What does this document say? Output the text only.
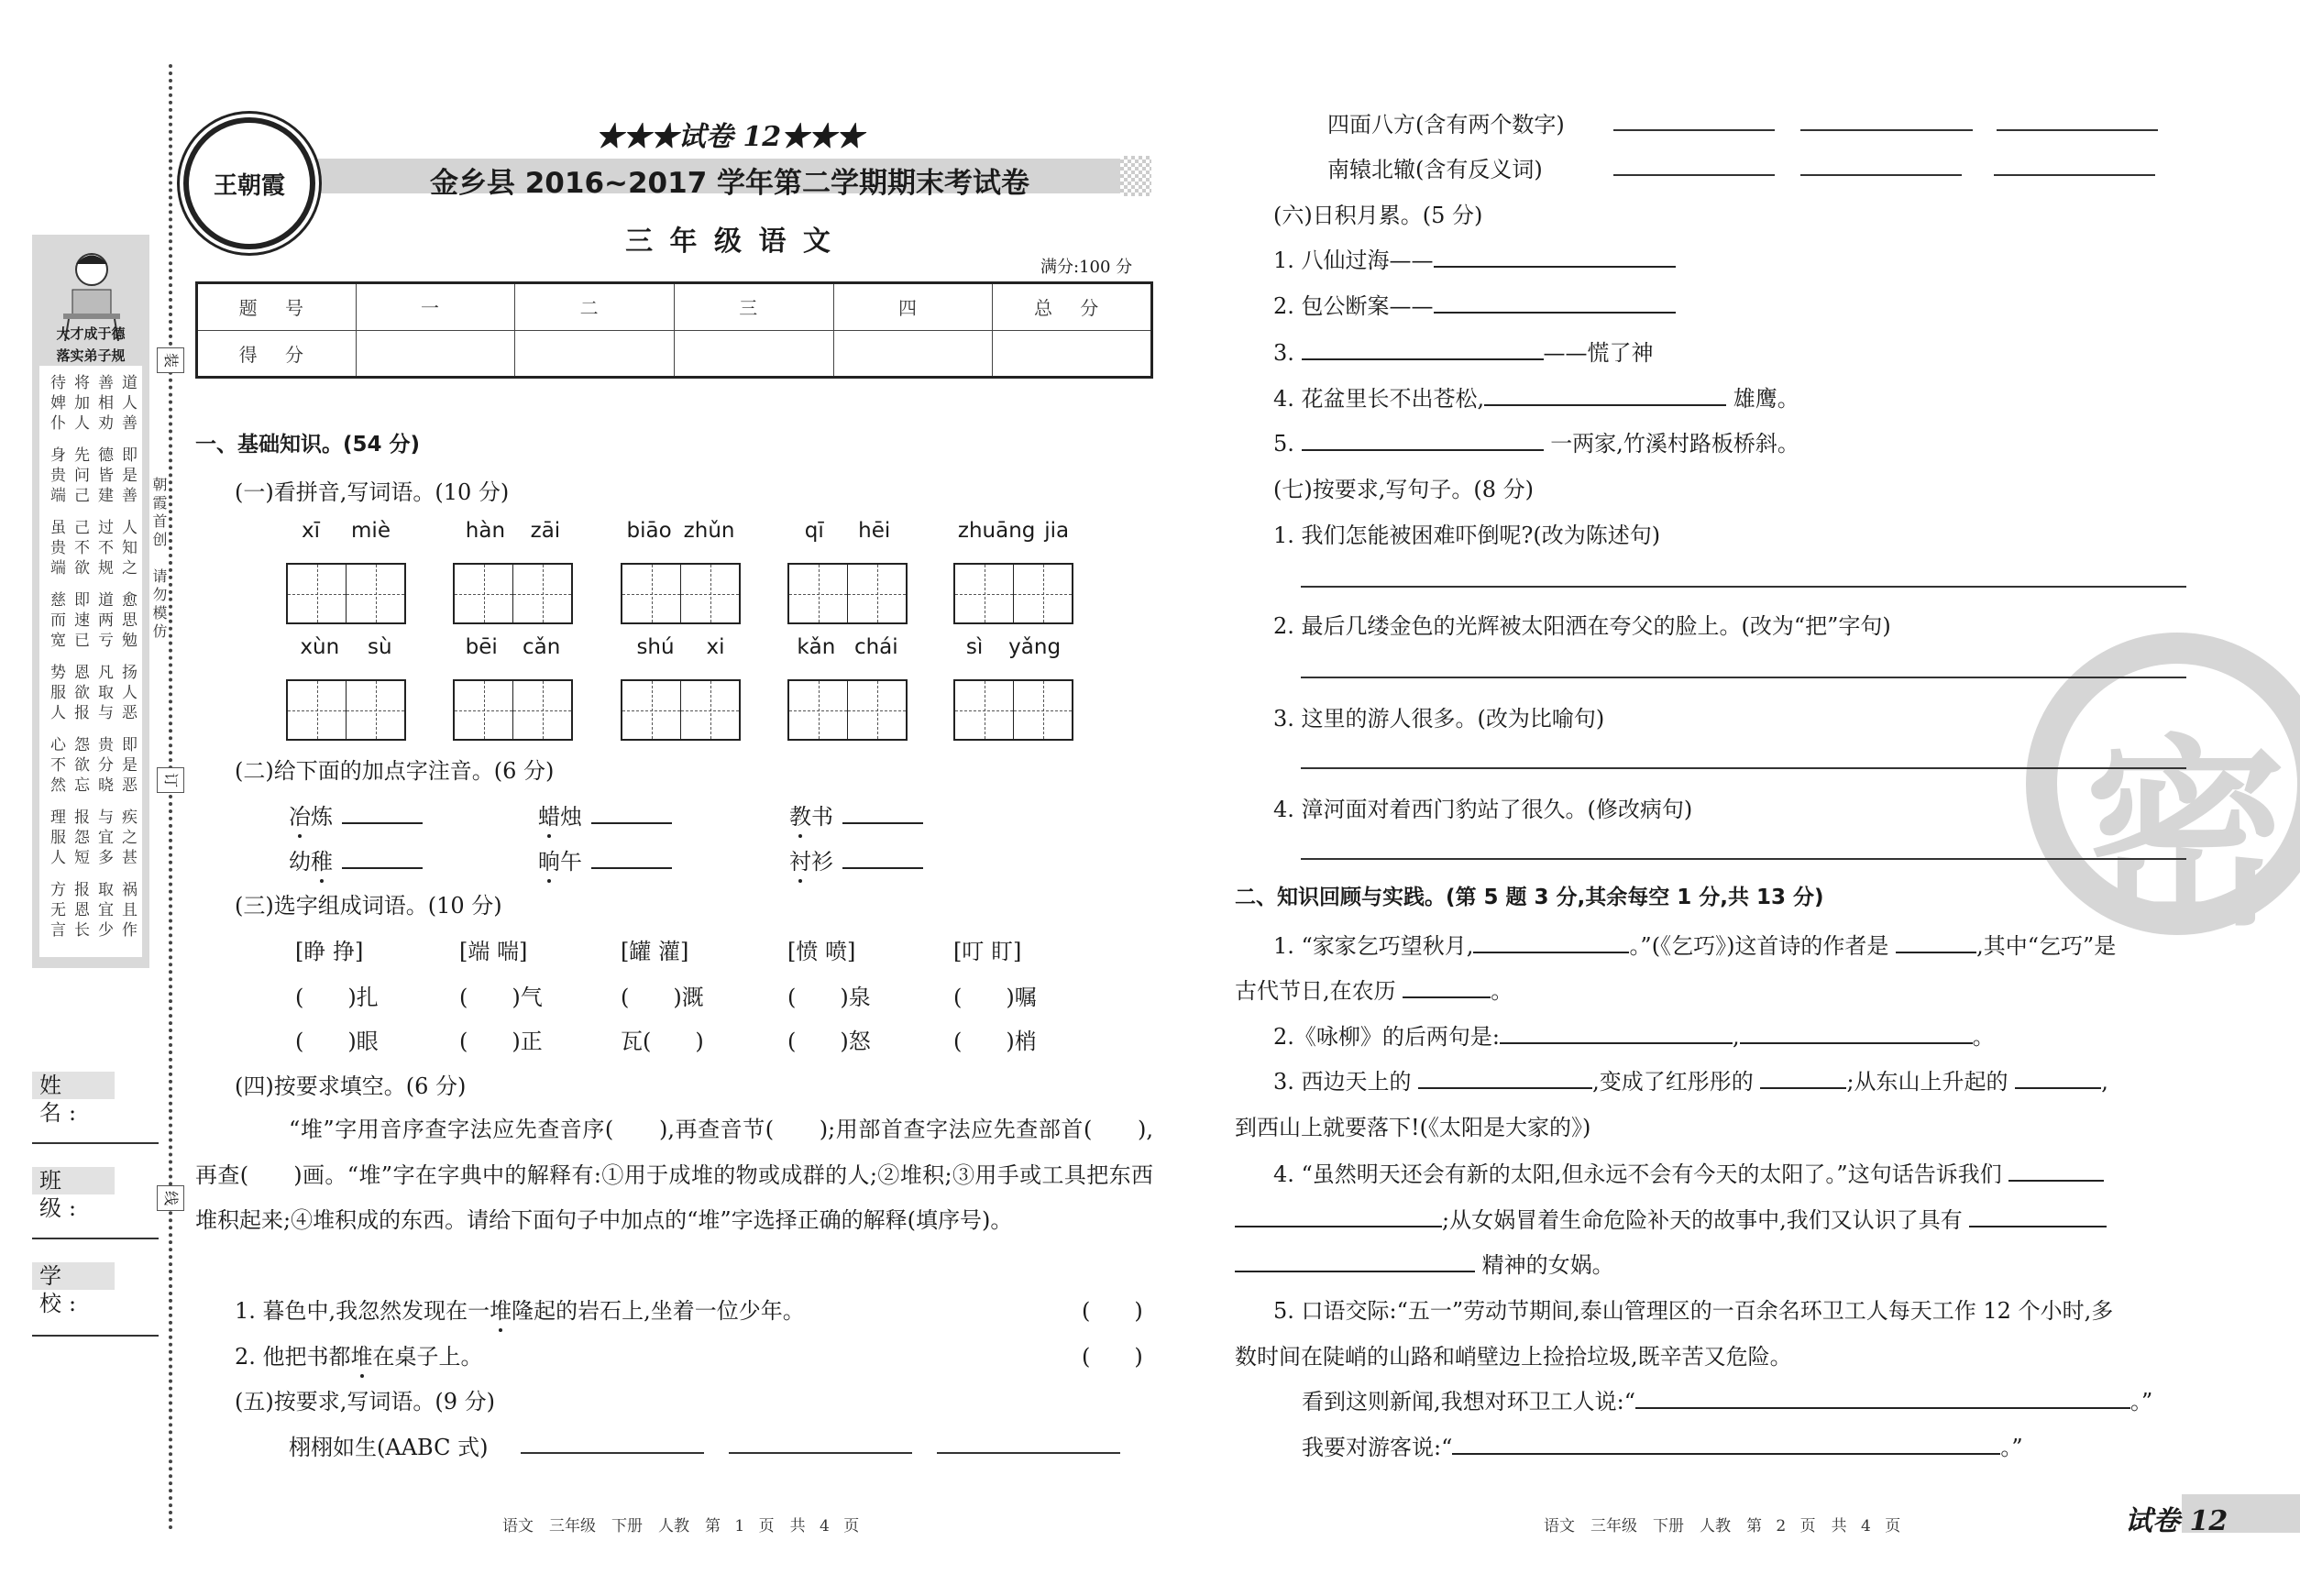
装
订
线
朝霞首创　请勿模仿
大才成于德
落实弟子规
待将善道
婢加相人
仆人劝善
身先德即
贵问皆是
端己建善
虽己过人
贵不不知
端欲规之
慈即道愈
而速两思
宽已亏勉
势恩凡扬
服欲取人
人报与恶
心怨贵即
不欲分是
然忘晓恶
理报与疾
服怨宜之
人短多甚
方报取祸
无恩宜且
言长少作
姓 名:
班 级:
学 校:
王朝霞
★★★试卷 12★★★
金乡县 2016~2017 学年第二学期期末考试卷
三 年 级 语 文
满分:100 分
题 号	一	二	三	四	总 分
得 分					
一、基础知识。(54 分)
(一)看拼音,写词语。(10 分)
xī miè	hàn zāi	biāo zhǔn	qī hēi	zhuāng jia
xùn sù	bēi cǎn	shú xi	kǎn chái	sì yǎng
(二)给下面的加点字注音。(6 分)
冶炼	蜡烛	教书
幼稚	晌午	衬衫
(三)选字组成词语。(10 分)
[睁 挣]	[端 喘]	[罐 灌]	[愤 喷]	[叮 盯]
(　　)扎	(　　)气	(　　)溉	(　　)泉	(　　)嘱
(　　)眼	(　　)正	瓦(　　)	(　　)怒	(　　)梢
(四)按要求填空。(6 分)
“堆”字用音序查字法应先查音序(　　),再查音节(　　);用部首查字法应先查部首(　　),再查(　　)画。“堆”字在字典中的解释有:①用于成堆的物或成群的人;②堆积;③用手或工具把东西堆积起来;④堆积成的东西。请给下面句子中加点的“堆”字选择正确的解释(填序号)。
1. 暮色中,我忽然发现在一堆隆起的岩石上,坐着一位少年。	(　　)
2. 他把书都堆在桌子上。	(　　)
(五)按要求,写词语。(9 分)
栩栩如生(AABC 式)
语文　三年级　下册　人教　第 1 页　共 4 页
密
四面八方(含有两个数字)
南辕北辙(含有反义词)
(六)日积月累。(5 分)
1. 八仙过海——
2. 包公断案——
3.	——慌了神
4. 花盆里长不出苍松,	雄鹰。
5.	一两家,竹溪村路板桥斜。
(七)按要求,写句子。(8 分)
1. 我们怎能被困难吓倒呢?(改为陈述句)
2. 最后几缕金色的光辉被太阳洒在夸父的脸上。(改为“把”字句)
3. 这里的游人很多。(改为比喻句)
4. 漳河面对着西门豹站了很久。(修改病句)
二、知识回顾与实践。(第 5 题 3 分,其余每空 1 分,共 13 分)
1. “家家乞巧望秋月,	。”(《乞巧》)这首诗的作者是	,其中“乞巧”是
古代节日,在农历	。
2.《咏柳》的后两句是:	,	。
3. 西边天上的	,变成了红彤彤的	;从东山上升起的	,
到西山上就要落下!(《太阳是大家的》)
4. “虽然明天还会有新的太阳,但永远不会有今天的太阳了。”这句话告诉我们
;从女娲冒着生命危险补天的故事中,我们又认识了具有
精神的女娲。
5. 口语交际:“五一”劳动节期间,泰山管理区的一百余名环卫工人每天工作 12 个小时,多
数时间在陡峭的山路和峭壁边上捡拾垃圾,既辛苦又危险。
看到这则新闻,我想对环卫工人说:“	。”
我要对游客说:“	。”
语文　三年级　下册　人教　第 2 页　共 4 页	试卷 12
